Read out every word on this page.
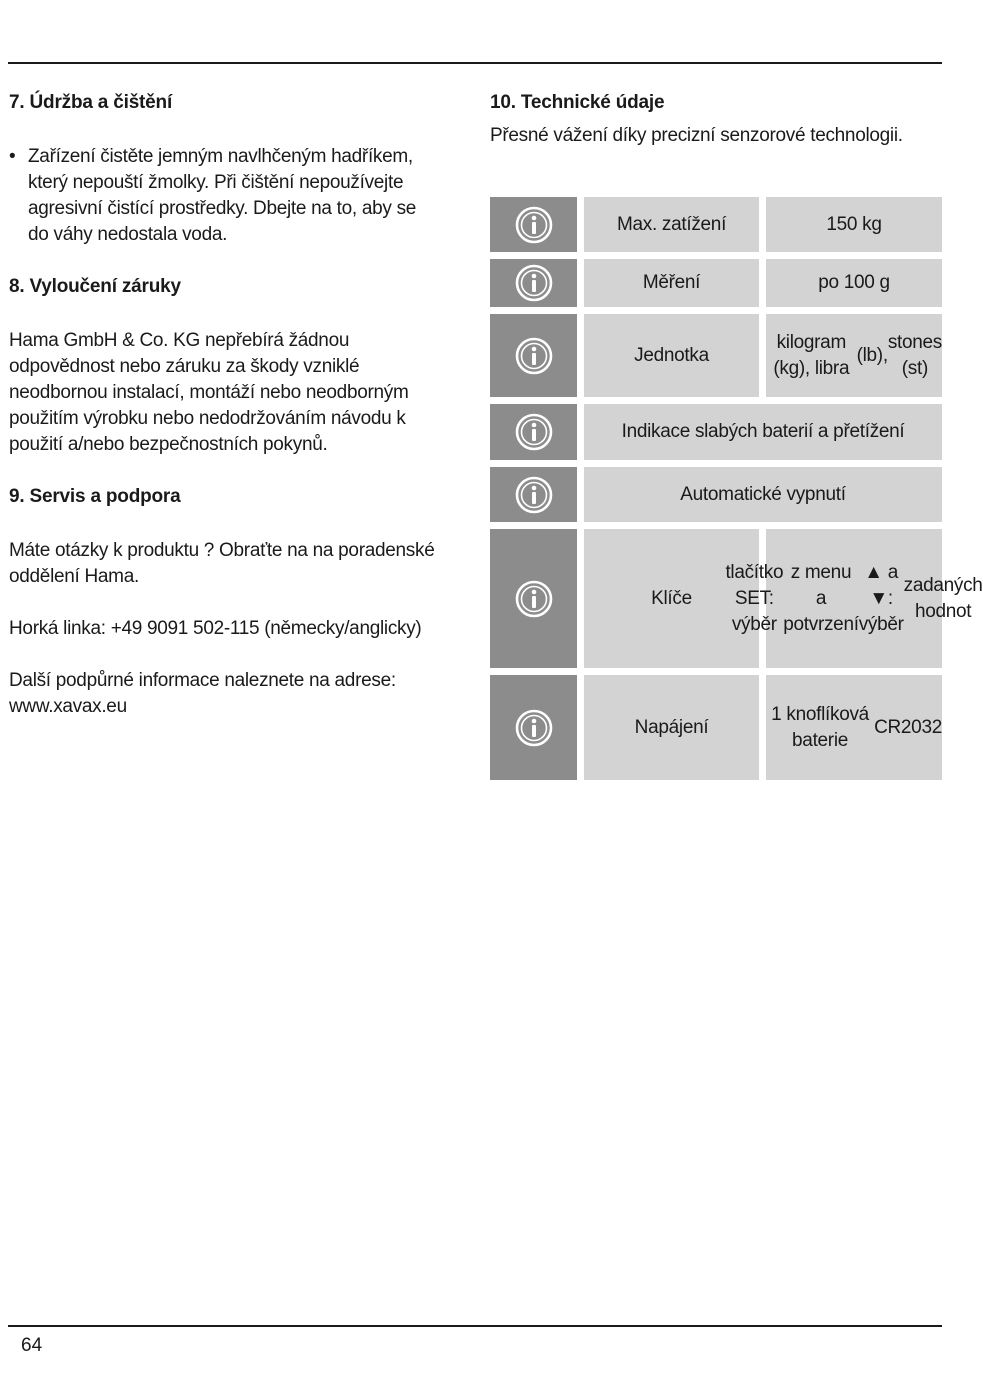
7. Údržba a čištění
• Zařízení čistěte jemným navlhčeným hadříkem,
který nepouští žmolky. Při čištění nepoužívejte
agresivní čistící prostředky. Dbejte na to, aby se
do váhy nedostala voda.
8. Vyloučení záruky

Hama GmbH & Co. KG nepřebírá žádnou
odpovědnost nebo záruku za škody vzniklé
neodbornou instalací, montáží nebo neodborným
použitím výrobku nebo nedodržováním návodu k
použití a/nebo bezpečnostních pokynů.

9. Servis a podpora

Máte otázky k produktu ? Obraťte na na poradenské
oddělení Hama.

Horká linka: +49 9091 502-115 (německy/anglicky)

Další podpůrné informace naleznete na adrese:
www.xavax.eu

10. Technické údaje

Přesné vážení díky precizní senzorové technologii.

Max. zatížení	150 kg
Měření	po 100 g
Jednotka
kilogram (kg), libra

(lb),

stones (st)
Indikace slabých baterií a přetížení
Automatické vypnutí
Klíče
tlačítko SET: výběr

z menu a potvrzení

▲ a ▼: výběr

zadaných hodnot
Napájení
1 knoflíková baterie

CR2032
64
